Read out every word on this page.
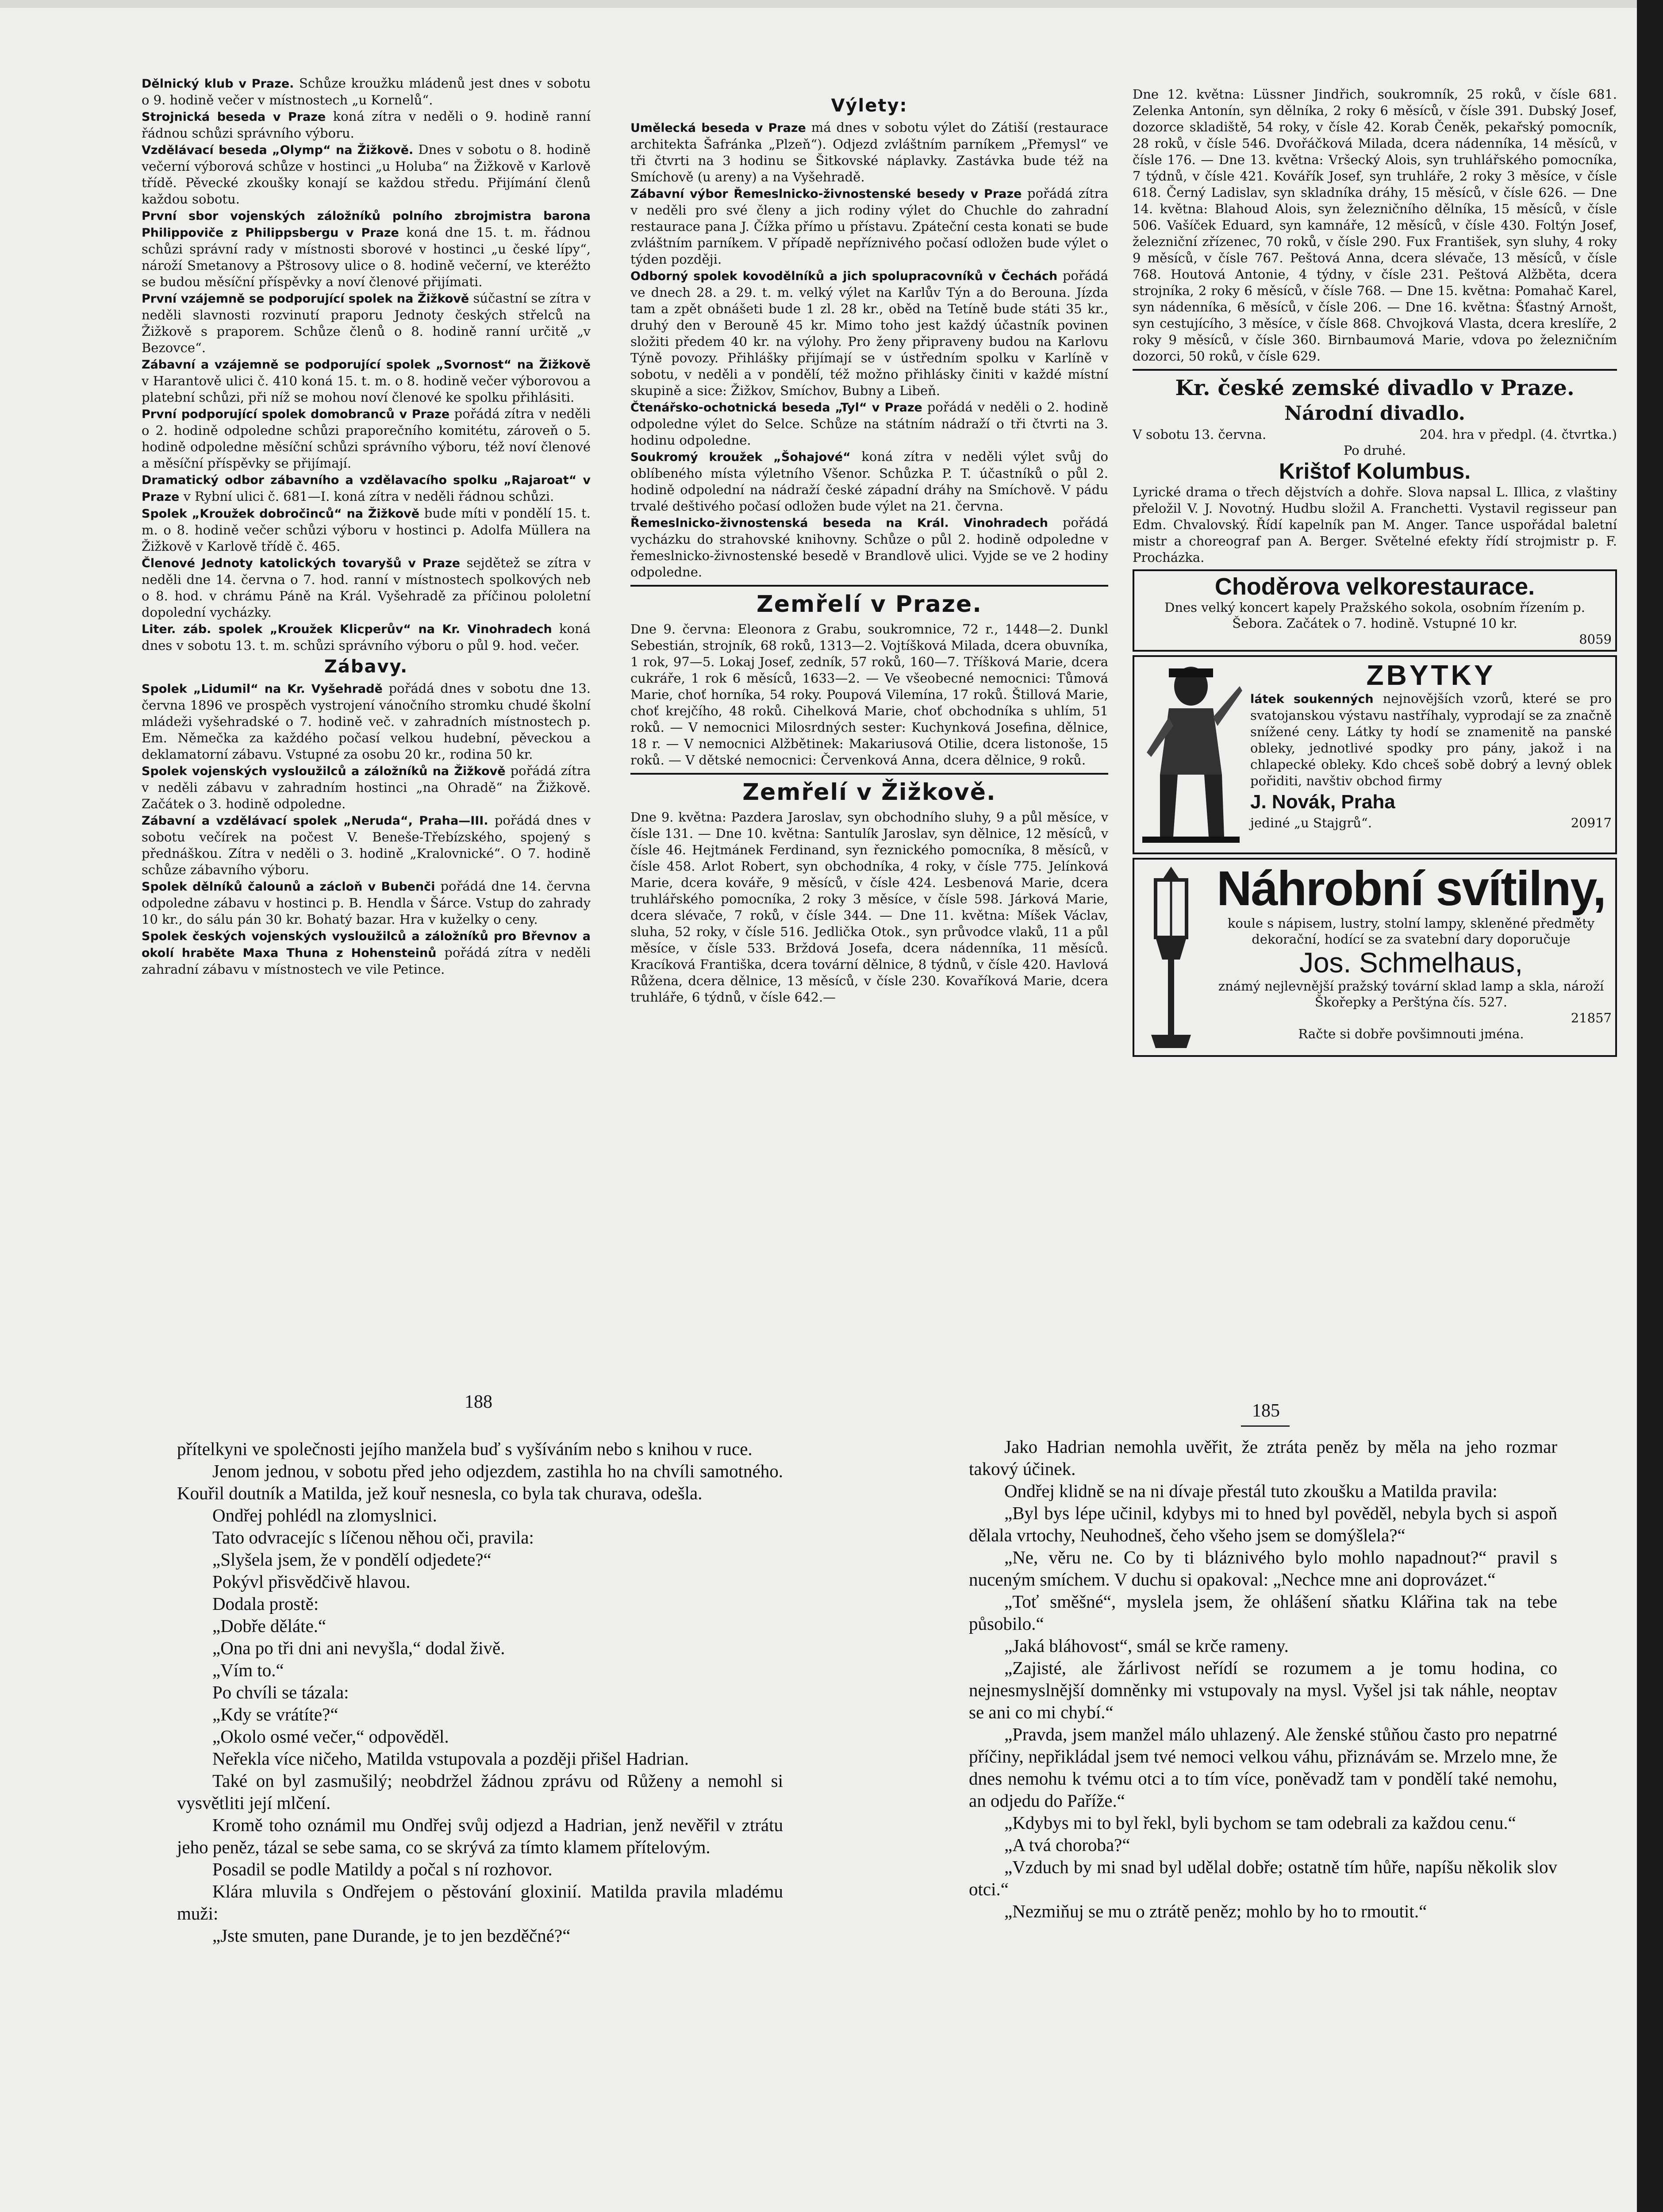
Dělnický klub v Praze. Schůze kroužku mládenů jest dnes v sobotu o 9. hodině večer v místnostech „u Kornelů“.

Strojnická beseda v Praze koná zítra v neděli o 9. hodině ranní řádnou schůzi správního výboru.

Vzdělávací beseda „Olymp“ na Žižkově. Dnes v sobotu o 8. hodině večerní výborová schůze v hostinci „u Holuba“ na Žižkově v Karlově třídě. Pěvecké zkoušky konají se každou středu. Přijímání členů každou sobotu.

První sbor vojenských záložníků polního zbrojmistra barona Philippoviče z Philippsbergu v Praze koná dne 15. t. m. řádnou schůzi správní rady v místnosti sborové v hostinci „u české lípy“, nároží Smetanovy a Pštrosovy ulice o 8. hodině večerní, ve kteréžto se budou měsíční příspěvky a noví členové přijímati.

První vzájemně se podporující spolek na Žižkově súčastní se zítra v neděli slavnosti rozvinutí praporu Jednoty českých střelců na Žižkově s praporem. Schůze členů o 8. hodině ranní určitě „v Bezovce“.

Zábavní a vzájemně se podporující spolek „Svornost“ na Žižkově v Harantově ulici č. 410 koná 15. t. m. o 8. hodině večer výborovou a platební schůzi, při níž se mohou noví členové ke spolku přihlásiti.

První podporující spolek domobranců v Praze pořádá zítra v neděli o 2. hodině odpoledne schůzi praporečního komitétu, zároveň o 5. hodině odpoledne měsíční schůzi správního výboru, též noví členové a měsíční příspěvky se přijímají.

Dramatický odbor zábavního a vzdělavacího spolku „Rajaroat“ v Praze v Rybní ulici č. 681—I. koná zítra v neděli řádnou schůzi.

Spolek „Kroužek dobročinců“ na Žižkově bude míti v pondělí 15. t. m. o 8. hodině večer schůzi výboru v hostinci p. Adolfa Müllera na Žižkově v Karlově třídě č. 465.

Členové Jednoty katolických tovaryšů v Praze sejdětež se zítra v neděli dne 14. června o 7. hod. ranní v místnostech spolkových neb o 8. hod. v chrámu Páně na Král. Vyšehradě za příčinou pololetní dopolední vycházky.

Liter. záb. spolek „Kroužek Klicperův“ na Kr. Vinohradech koná dnes v sobotu 13. t. m. schůzi správního výboru o půl 9. hod. večer.

Zábavy.

Spolek „Lidumil“ na Kr. Vyšehradě pořádá dnes v sobotu dne 13. června 1896 ve prospěch vystrojení vánočního stromku chudé školní mládeži vyšehradské o 7. hodině več. v zahradních místnostech p. Em. Němečka za každého počasí velkou hudební, pěveckou a deklamatorní zábavu. Vstupné za osobu 20 kr., rodina 50 kr.

Spolek vojenských vysloužilců a záložníků na Žižkově pořádá zítra v neděli zábavu v zahradním hostinci „na Ohradě“ na Žižkově. Začátek o 3. hodině odpoledne.

Zábavní a vzdělávací spolek „Neruda“, Praha—III. pořádá dnes v sobotu večírek na počest V. Beneše-Třebízského, spojený s přednáškou. Zítra v neděli o 3. hodině „Kralovnické“. O 7. hodině schůze zábavního výboru.

Spolek dělníků čalounů a zácloň v Bubenči pořádá dne 14. června odpoledne zábavu v hostinci p. B. Hendla v Šárce. Vstup do zahrady 10 kr., do sálu pán 30 kr. Bohatý bazar. Hra v kuželky o ceny.

Spolek českých vojenských vysloužilců a záložníků pro Břevnov a okolí hraběte Maxa Thuna z Hohensteinů pořádá zítra v neděli zahradní zábavu v místnostech ve vile Petince.

Výlety:

Umělecká beseda v Praze má dnes v sobotu výlet do Zátiší (restaurace architekta Šafránka „Plzeň“). Odjezd zvláštním parníkem „Přemysl“ ve tři čtvrti na 3 hodinu se Šitkovské náplavky. Zastávka bude též na Smíchově (u areny) a na Vyšehradě.

Zábavní výbor Řemeslnicko-živnostenské besedy v Praze pořádá zítra v neděli pro své členy a jich rodiny výlet do Chuchle do zahradní restaurace pana J. Čížka přímo u přístavu. Zpáteční cesta konati se bude zvláštním parníkem. V případě nepříznivého počasí odložen bude výlet o týden později.

Odborný spolek kovodělníků a jich spolupracovníků v Čechách pořádá ve dnech 28. a 29. t. m. velký výlet na Karlův Týn a do Berouna. Jízda tam a zpět obnášeti bude 1 zl. 28 kr., oběd na Tetíně bude státi 35 kr., druhý den v Berouně 45 kr. Mimo toho jest každý účastník povinen složiti předem 40 kr. na výlohy. Pro ženy připraveny budou na Karlovu Týně povozy. Přihlášky přijímají se v ústředním spolku v Karlíně v sobotu, v neděli a v pondělí, též možno přihlásky činiti v každé místní skupině a sice: Žižkov, Smíchov, Bubny a Libeň.

Čtenářsko-ochotnická beseda „Tyl“ v Praze pořádá v neděli o 2. hodině odpoledne výlet do Selce. Schůze na státním nádraží o tři čtvrti na 3. hodinu odpoledne.

Soukromý kroužek „Šohajové“ koná zítra v neděli výlet svůj do oblíbeného místa výletního Všenor. Schůzka P. T. účastníků o půl 2. hodině odpolední na nádraží české západní dráhy na Smíchově. V pádu trvalé deštivého počasí odložen bude výlet na 21. června.

Řemeslnicko-živnostenská beseda na Král. Vinohradech pořádá vycházku do strahovské knihovny. Schůze o půl 2. hodině odpoledne v řemeslnicko-živnostenské besedě v Brandlově ulici. Vyjde se ve 2 hodiny odpoledne.

Zemřelí v Praze.

Dne 9. června: Eleonora z Grabu, soukromnice, 72 r., 1448—2. Dunkl Sebestián, strojník, 68 roků, 1313—2. Vojtíšková Milada, dcera obuvníka, 1 rok, 97—5. Lokaj Josef, zedník, 57 roků, 160—7. Tříšková Marie, dcera cukráře, 1 rok 6 měsíců, 1633—2. — Ve všeobecné nemocnici: Tůmová Marie, choť horníka, 54 roky. Poupová Vilemína, 17 roků. Štillová Marie, choť krejčího, 48 roků. Cihelková Marie, choť obchodníka s uhlím, 51 roků. — V nemocnici Milosrdných sester: Kuchynková Josefina, dělnice, 18 r. — V nemocnici Alžbětinek: Makariusová Otilie, dcera listonoše, 15 roků. — V dětské nemocnici: Červenková Anna, dcera dělnice, 9 roků.

Zemřelí v Žižkově.

Dne 9. května: Pazdera Jaroslav, syn obchodního sluhy, 9 a půl měsíce, v čísle 131. — Dne 10. května: Santulík Jaroslav, syn dělnice, 12 měsíců, v čísle 46. Hejtmánek Ferdinand, syn řeznického pomocníka, 8 měsíců, v čísle 458. Arlot Robert, syn obchodníka, 4 roky, v čísle 775. Jelínková Marie, dcera kováře, 9 měsíců, v čísle 424. Lesbenová Marie, dcera truhlářského pomocníka, 2 roky 3 měsíce, v čísle 598. Járková Marie, dcera slévače, 7 roků, v čísle 344. — Dne 11. května: Míšek Václav, sluha, 52 roky, v čísle 516. Jedlička Otok., syn průvodce vlaků, 11 a půl měsíce, v čísle 533. Brždová Josefa, dcera nádenníka, 11 měsíců. Kracíková Františka, dcera tovární dělnice, 8 týdnů, v čísle 420. Havlová Růžena, dcera dělnice, 13 měsíců, v čísle 230. Kovaříková Marie, dcera truhláře, 6 týdnů, v čísle 642.—

Dne 12. května: Lüssner Jindřich, soukromník, 25 roků, v čísle 681. Zelenka Antonín, syn dělníka, 2 roky 6 měsíců, v čísle 391. Dubský Josef, dozorce skladiště, 54 roky, v čísle 42. Korab Čeněk, pekařský pomocník, 28 roků, v čísle 546. Dvořáčková Milada, dcera nádenníka, 14 měsíců, v čísle 176. — Dne 13. května: Vršecký Alois, syn truhlářského pomocníka, 7 týdnů, v čísle 421. Kovářík Josef, syn truhláře, 2 roky 3 měsíce, v čísle 618. Černý Ladislav, syn skladníka dráhy, 15 měsíců, v čísle 626. — Dne 14. května: Blahoud Alois, syn železničního dělníka, 15 měsíců, v čísle 506. Vašíček Eduard, syn kamnáře, 12 měsíců, v čísle 430. Foltýn Josef, železniční zřízenec, 70 roků, v čísle 290. Fux František, syn sluhy, 4 roky 9 měsíců, v čísle 767. Peštová Anna, dcera slévače, 13 měsíců, v čísle 768. Houtová Antonie, 4 týdny, v čísle 231. Peštová Alžběta, dcera strojníka, 2 roky 6 měsíců, v čísle 768. — Dne 15. května: Pomahač Karel, syn nádenníka, 6 měsíců, v čísle 206. — Dne 16. května: Šťastný Arnošt, syn cestujícího, 3 měsíce, v čísle 868. Chvojková Vlasta, dcera kreslíře, 2 roky 9 měsíců, v čísle 360. Birnbaumová Marie, vdova po železničním dozorci, 50 roků, v čísle 629.

Kr. české zemské divadlo v Praze.
Národní divadlo.
V sobotu 13. června.	204. hra v předpl. (4. čtvrtka.)
Po druhé.
Krištof Kolumbus.

Lyrické drama o třech dějstvích a dohře. Slova napsal L. Illica, z vlaštiny přeložil V. J. Novotný. Hudbu složil A. Franchetti. Vystavil regisseur pan Edm. Chvalovský. Řídí kapelník pan M. Anger. Tance uspořádal baletní mistr a choreograf pan A. Berger. Světelné efekty řídí strojmistr p. F. Procházka.

Choděrova velkorestaurace.
Dnes velký koncert kapely Pražského sokola, osobním řízením p. Šebora. Začátek o 7. hodině. Vstupné 10 kr.
8059
ZBYTKY

látek soukenných nejnovějších vzorů, které se pro svatojanskou výstavu nastříhaly, vyprodají se za značně snížené ceny. Látky ty hodí se znamenitě na panské obleky, jednotlivé spodky pro pány, jakož i na chlapecké obleky. Kdo chceš sobě dobrý a levný oblek pořiditi, navštiv obchod firmy

J. Novák, Praha
jediné „u Stajgrů“.	20917
Náhrobní svítilny,
koule s nápisem, lustry, stolní lampy, skleněné předměty dekorační, hodící se za svatební dary doporučuje
Jos. Schmelhaus,
známý nejlevnější pražský tovární sklad lamp a skla, nároží Škořepky a Perštýna čís. 527.
21857
Račte si dobře povšimnouti jména.
188	185

přítelkyni ve společnosti jejího manžela buď s vyšíváním nebo s knihou v ruce.

Jenom jednou, v sobotu před jeho odjezdem, zastihla ho na chvíli samotného. Kouřil doutník a Matilda, jež kouř nesnesla, co byla tak churava, odešla.

Ondřej pohlédl na zlomyslnici.

Tato odvracejíc s líčenou něhou oči, pravila:

„Slyšela jsem, že v pondělí odjedete?“

Pokývl přisvědčivě hlavou.

Dodala prostě:

„Dobře děláte.“

„Ona po tři dni ani nevyšla,“ dodal živě.

„Vím to.“

Po chvíli se tázala:

„Kdy se vrátíte?“

„Okolo osmé večer,“ odpověděl.

Neřekla více ničeho, Matilda vstupovala a později přišel Hadrian.

Také on byl zasmušilý; neobdržel žádnou zprávu od Růženy a nemohl si vysvětliti její mlčení.

Kromě toho oznámil mu Ondřej svůj odjezd a Hadrian, jenž nevěřil v ztrátu jeho peněz, tázal se sebe sama, co se skrývá za tímto klamem přítelovým.

Posadil se podle Matildy a počal s ní rozhovor.

Klára mluvila s Ondřejem o pěstování gloxinií. Matilda pravila mladému muži:

„Jste smuten, pane Durande, je to jen bezděčné?“

Jako Hadrian nemohla uvěřit, že ztráta peněz by měla na jeho rozmar takový účinek.

Ondřej klidně se na ni dívaje přestál tuto zkoušku a Matilda pravila:

„Byl bys lépe učinil, kdybys mi to hned byl pověděl, nebyla bych si aspoň dělala vrtochy, Neuhodneš, čeho všeho jsem se domýšlela?“

„Ne, věru ne. Co by ti bláznivého bylo mohlo napadnout?“ pravil s nuceným smíchem. V duchu si opakoval: „Nechce mne ani doprovázet.“

„Toť směšné“, myslela jsem, že ohlášení sňatku Klářina tak na tebe působilo.“

„Jaká bláhovost“, smál se krče rameny.

„Zajisté, ale žárlivost neřídí se rozumem a je tomu hodina, co nejnesmyslnější domněnky mi vstupovaly na mysl. Vyšel jsi tak náhle, neoptav se ani co mi chybí.“

„Pravda, jsem manžel málo uhlazený. Ale ženské stůňou často pro nepatrné příčiny, nepřikládal jsem tvé nemoci velkou váhu, přiznávám se. Mrzelo mne, že dnes nemohu k tvému otci a to tím více, poněvadž tam v pondělí také nemohu, an odjedu do Paříže.“

„Kdybys mi to byl řekl, byli bychom se tam odebrali za každou cenu.“

„A tvá choroba?“

„Vzduch by mi snad byl udělal dobře; ostatně tím hůře, napíšu několik slov otci.“

„Nezmiňuj se mu o ztrátě peněz; mohlo by ho to rmoutit.“
